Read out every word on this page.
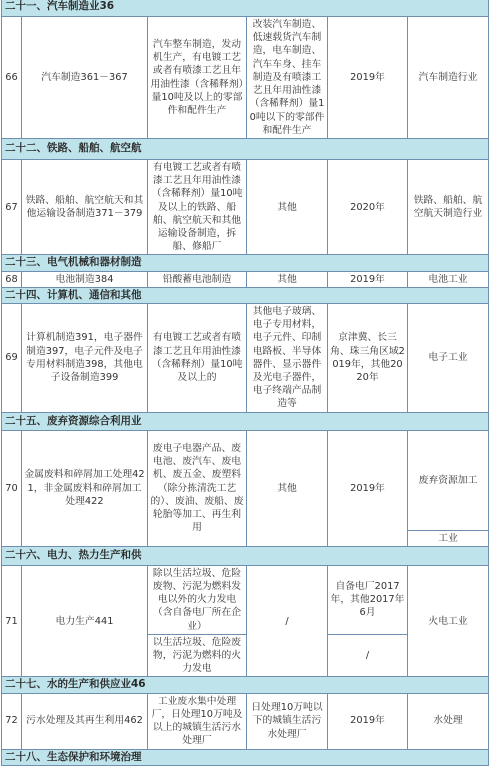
二十一、汽车制造业36					
66	汽车制造361－367	汽车整车制造，发动机生产，有电镀工艺或者有喷漆工艺且年用油性漆（含稀释剂）量10吨及以上的零部件和配件生产	改装汽车制造、低速载货汽车制造，电车制造、汽车车身、挂车制造及有喷漆工艺且年用油性漆（含稀释剂）量10吨以下的零部件和配件生产	2019年	汽车制造行业
二十二、铁路、船舶、航空航					
67	铁路、船舶、航空航天和其他运输设备制造371－379	有电镀工艺或者有喷漆工艺且年用油性漆（含稀释剂）量10吨及以上的铁路、船舶、航空航天和其他运输设备制造，拆船、修船厂	其他	2020年	铁路、船舶、航空航天制造行业
二十三、电气机械和器材制造					
68	电池制造384	铅酸蓄电池制造	其他	2019年	电池工业
二十四、计算机、通信和其他					
69	计算机制造391，电子器件制造397，电子元件及电子专用材料制造398，其他电子设备制造399	有电镀工艺或者有喷漆工艺且年用油性漆（含稀释剂）量10吨及以上的	其他电子玻璃、电子专用材料，电子元件、印制电路板、半导体器件、显示器件及光电子器件，电子终端产品制造等	京津冀、长三角、珠三角区域2019年，其他2020年	电子工业
二十五、废弃资源综合利用业					
70	金属废料和碎屑加工处理421，非金属废料和碎屑加工处理422	废电子电器产品、废电池、废汽车、废电机、废五金、废塑料（除分拣清洗工艺的）、废油、废船、废轮胎等加工、再生利用	其他	2019年	废弃资源加工
					工业
二十六、电力、热力生产和供					
71	电力生产441	除以生活垃圾、危险废物、污泥为燃料发电以外的火力发电（含自备电厂所在企业）	/	自备电厂2017年，其他2017年6月	火电工业
		以生活垃圾、危险废物，污泥为燃料的火力发电		/	
二十七、水的生产和供应业46					
72	污水处理及其再生利用462	工业废水集中处理厂，日处理10万吨及以上的城镇生活污水处理厂	日处理10万吨以下的城镇生活污水处理厂	2019年	水处理
二十八、生态保护和环境治理					
